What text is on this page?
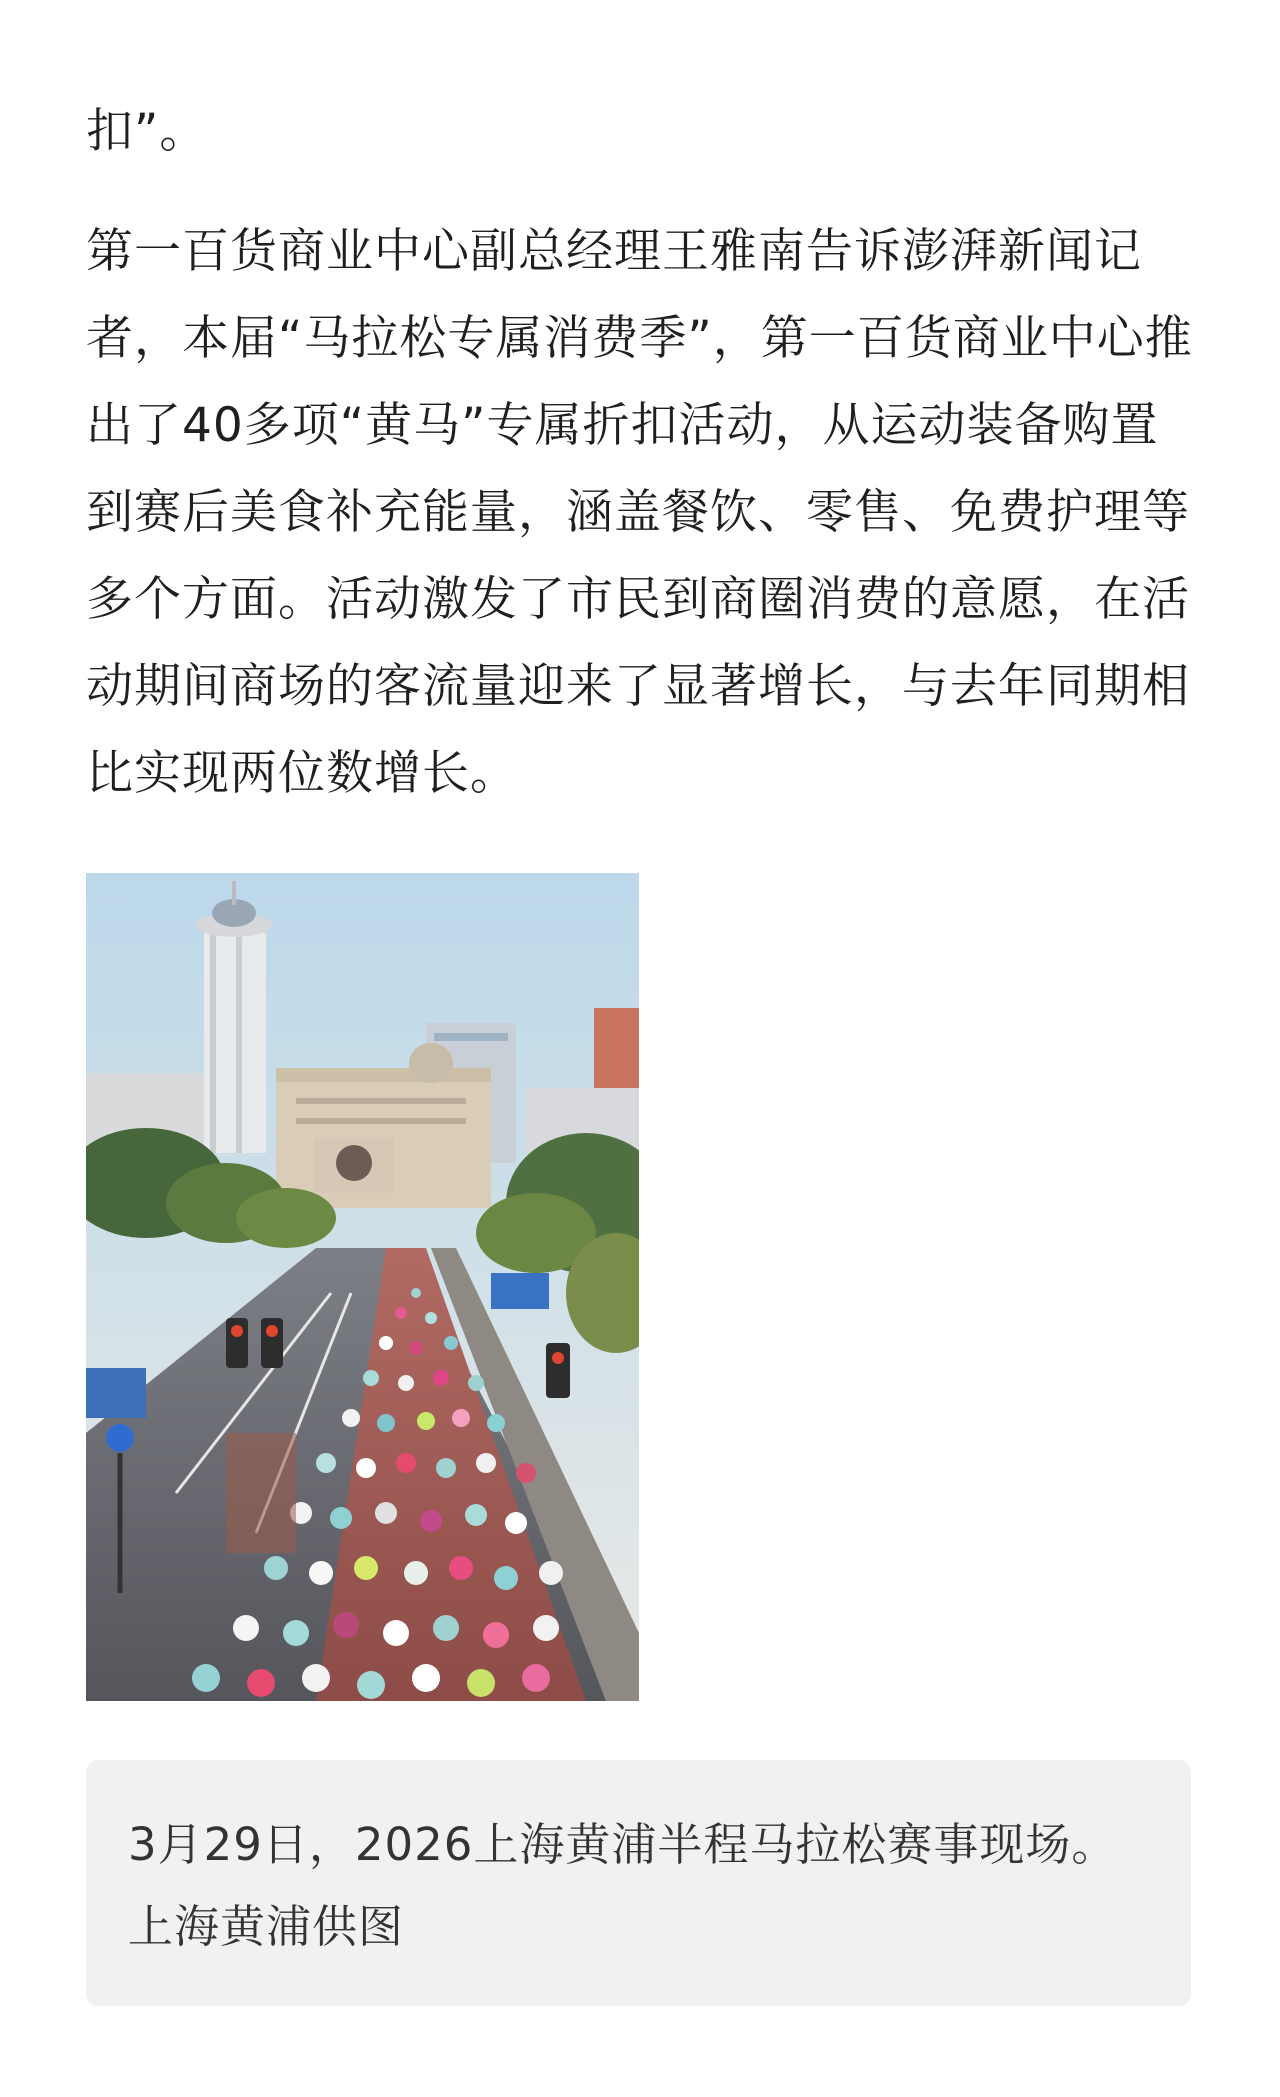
扣”。

第一百货商业中心副总经理王雅南告诉澎湃新闻记者，本届“马拉松专属消费季”，第一百货商业中心推出了40多项“黄马”专属折扣活动，从运动装备购置到赛后美食补充能量，涵盖餐饮、零售、免费护理等多个方面。活动激发了市民到商圈消费的意愿，在活动期间商场的客流量迎来了显著增长，与去年同期相比实现两位数增长。

3月29日，2026上海黄浦半程马拉松赛事现场。上海黄浦供图
